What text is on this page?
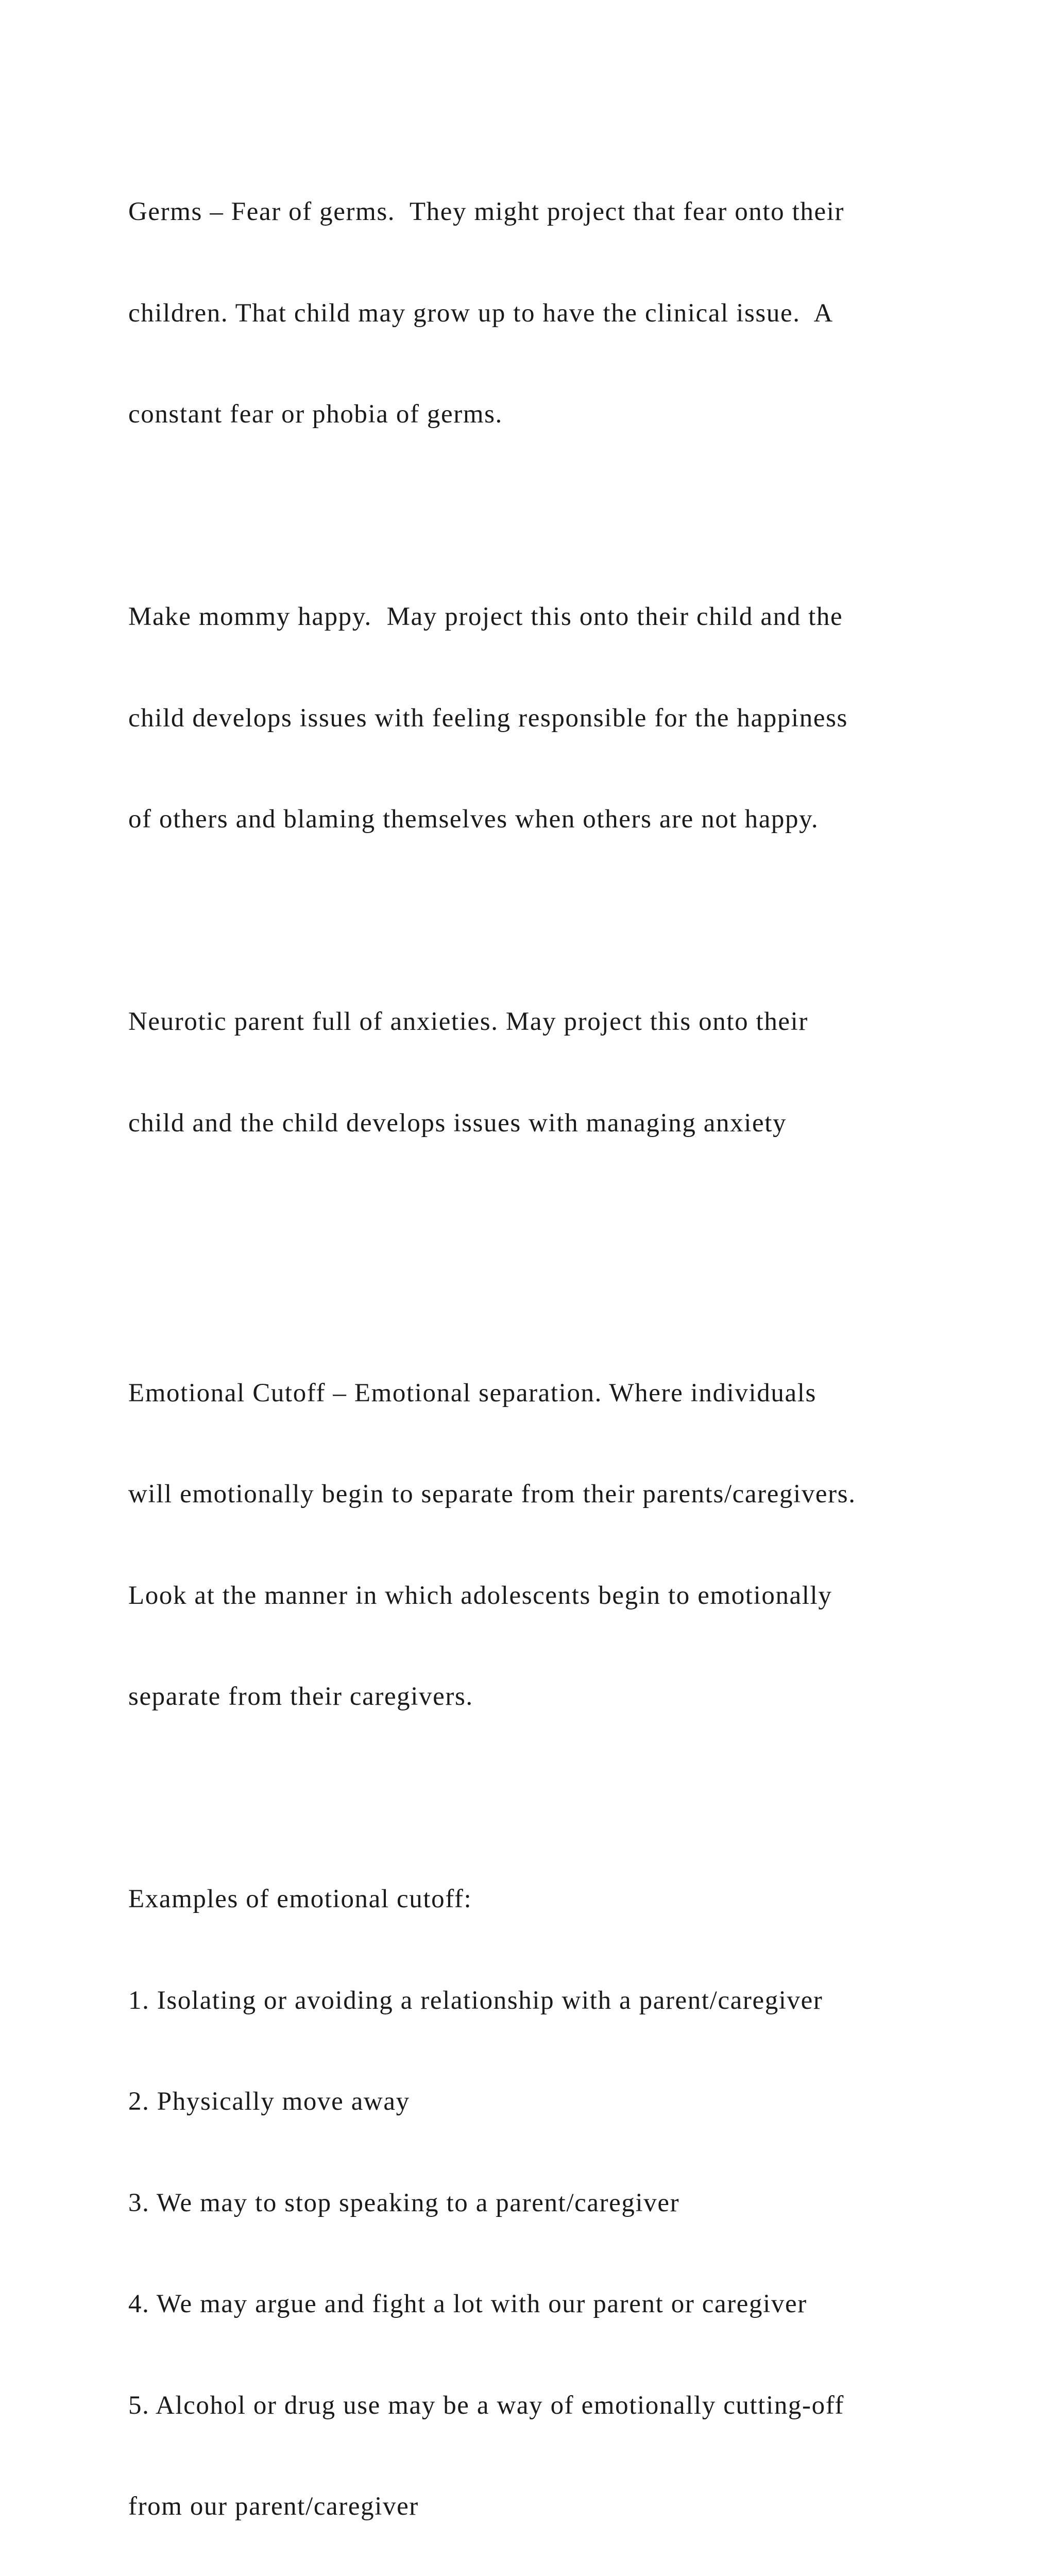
Germs – Fear of germs.  They might project that fear onto their

children. That child may grow up to have the clinical issue.  A

constant fear or phobia of germs.

Make mommy happy.  May project this onto their child and the

child develops issues with feeling responsible for the happiness

of others and blaming themselves when others are not happy.

Neurotic parent full of anxieties. May project this onto their

child and the child develops issues with managing anxiety

Emotional Cutoff – Emotional separation. Where individuals

will emotionally begin to separate from their parents/caregivers.

Look at the manner in which adolescents begin to emotionally

separate from their caregivers.

Examples of emotional cutoff:

1. Isolating or avoiding a relationship with a parent/caregiver

2. Physically move away

3. We may to stop speaking to a parent/caregiver

4. We may argue and fight a lot with our parent or caregiver

5. Alcohol or drug use may be a way of emotionally cutting-off

from our parent/caregiver
